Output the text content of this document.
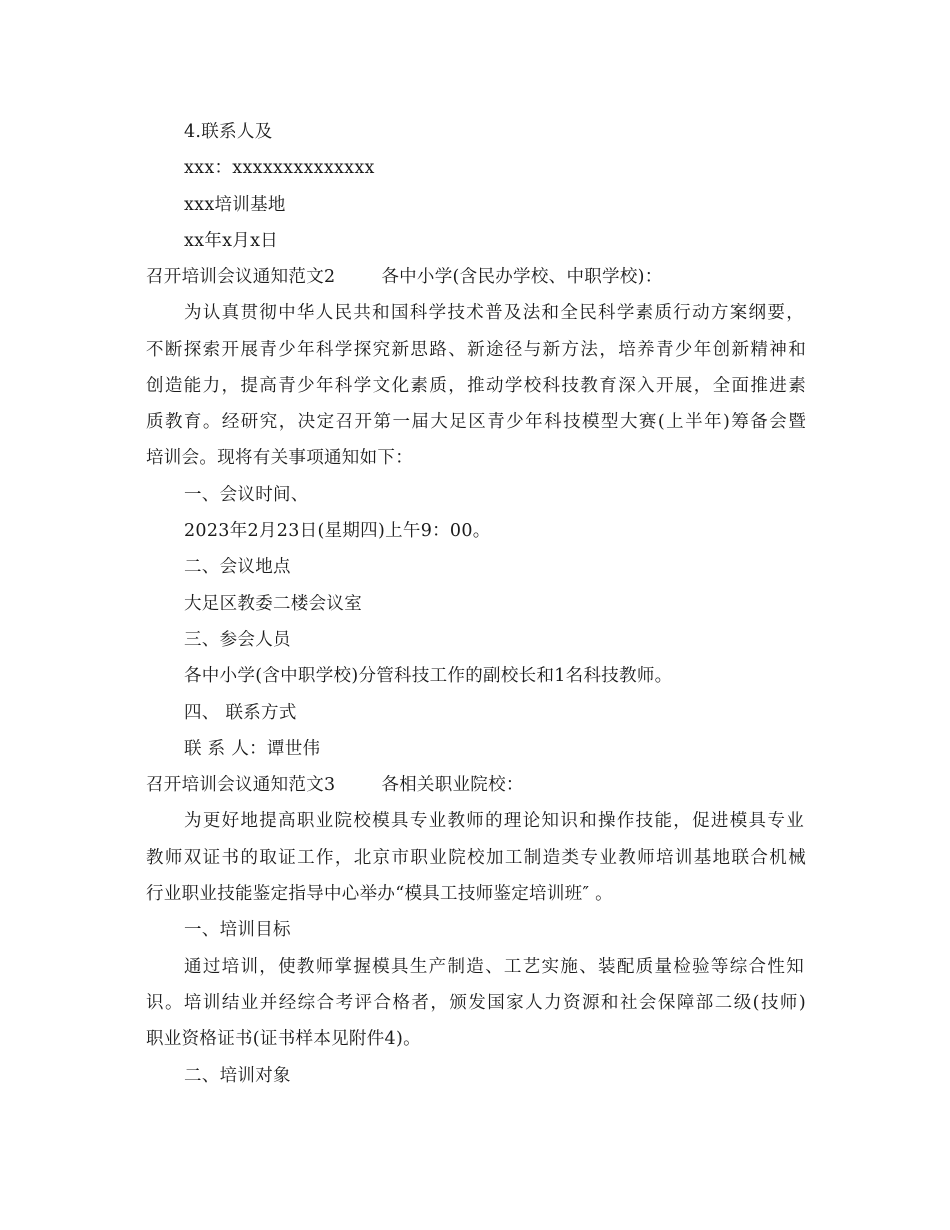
4.联系人及
xxx：xxxxxxxxxxxxxx
xxx培训基地
xx年x月x日
召开培训会议通知范文2	各中小学(含民办学校、中职学校)：
为认真贯彻中华人民共和国科学技术普及法和全民科学素质行动方案纲要，
不断探索开展青少年科学探究新思路、新途径与新方法，培养青少年创新精神和
创造能力，提高青少年科学文化素质，推动学校科技教育深入开展，全面推进素
质教育。经研究，决定召开第一届大足区青少年科技模型大赛(上半年)筹备会暨
培训会。现将有关事项通知如下：
一、会议时间、
2023年2月23日(星期四)上午9：00。
二、会议地点
大足区教委二楼会议室
三、参会人员
各中小学(含中职学校)分管科技工作的副校长和1名科技教师。
四、 联系方式
联 系 人：谭世伟
召开培训会议通知范文3	各相关职业院校：
为更好地提高职业院校模具专业教师的理论知识和操作技能，促进模具专业
教师双证书的取证工作，北京市职业院校加工制造类专业教师培训基地联合机械
行业职业技能鉴定指导中心举办“模具工技师鉴定培训班″ 。
一、培训目标
通过培训，使教师掌握模具生产制造、工艺实施、装配质量检验等综合性知
识。培训结业并经综合考评合格者，颁发国家人力资源和社会保障部二级(技师)
职业资格证书(证书样本见附件4)。
二、培训对象
